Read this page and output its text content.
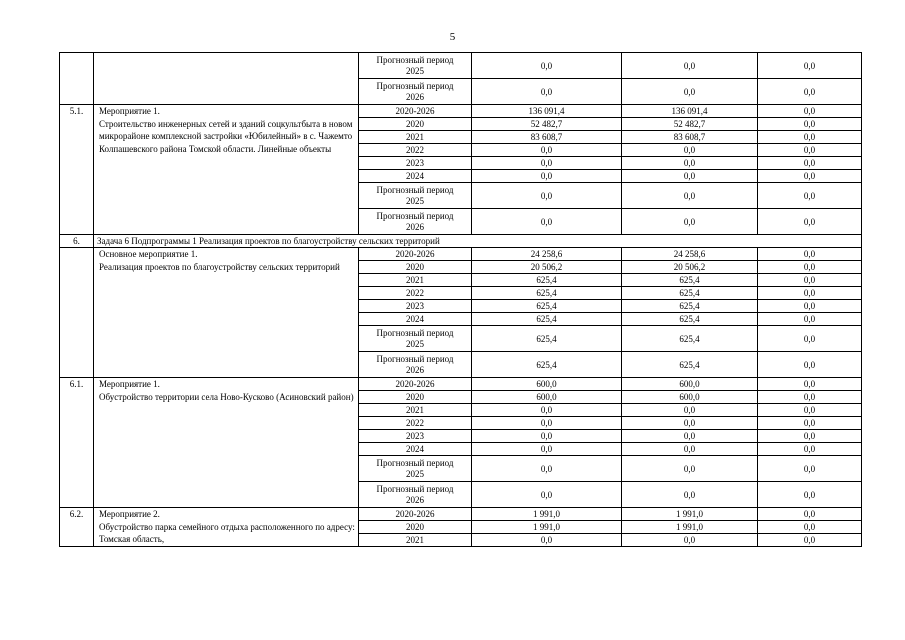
5
		Прогнозный период
2025	0,0	0,0	0,0
		Прогнозный период
2026	0,0	0,0	0,0
5.1.	Мероприятие 1.
Строительство инженерных сетей и зданий соцкультбыта в новом микрорайоне комплексной застройки «Юбилейный» в с. Чажемто Колпашевского района Томской области. Линейные объекты	2020-2026	136 091,4	136 091,4	0,0
		2020	52 482,7	52 482,7	0,0
		2021	83 608,7	83 608,7	0,0
		2022	0,0	0,0	0,0
		2023	0,0	0,0	0,0
		2024	0,0	0,0	0,0
		Прогнозный период
2025	0,0	0,0	0,0
		Прогнозный период
2026	0,0	0,0	0,0
6.	Задача 6 Подпрограммы 1 Реализация проектов по благоустройству сельских территорий				
	Основное мероприятие 1.
Реализация проектов по благоустройству сельских территорий	2020-2026	24 258,6	24 258,6	0,0
		2020	20 506,2	20 506,2	0,0
		2021	625,4	625,4	0,0
		2022	625,4	625,4	0,0
		2023	625,4	625,4	0,0
		2024	625,4	625,4	0,0
		Прогнозный период
2025	625,4	625,4	0,0
		Прогнозный период
2026	625,4	625,4	0,0
6.1.	Мероприятие 1.
Обустройство территории села Ново-Кусково (Асиновский район)	2020-2026	600,0	600,0	0,0
		2020	600,0	600,0	0,0
		2021	0,0	0,0	0,0
		2022	0,0	0,0	0,0
		2023	0,0	0,0	0,0
		2024	0,0	0,0	0,0
		Прогнозный период
2025	0,0	0,0	0,0
		Прогнозный период
2026	0,0	0,0	0,0
6.2.	Мероприятие 2.
Обустройство парка семейного отдыха расположенного по адресу: Томская область,	2020-2026	1 991,0	1 991,0	0,0
		2020	1 991,0	1 991,0	0,0
		2021	0,0	0,0	0,0
